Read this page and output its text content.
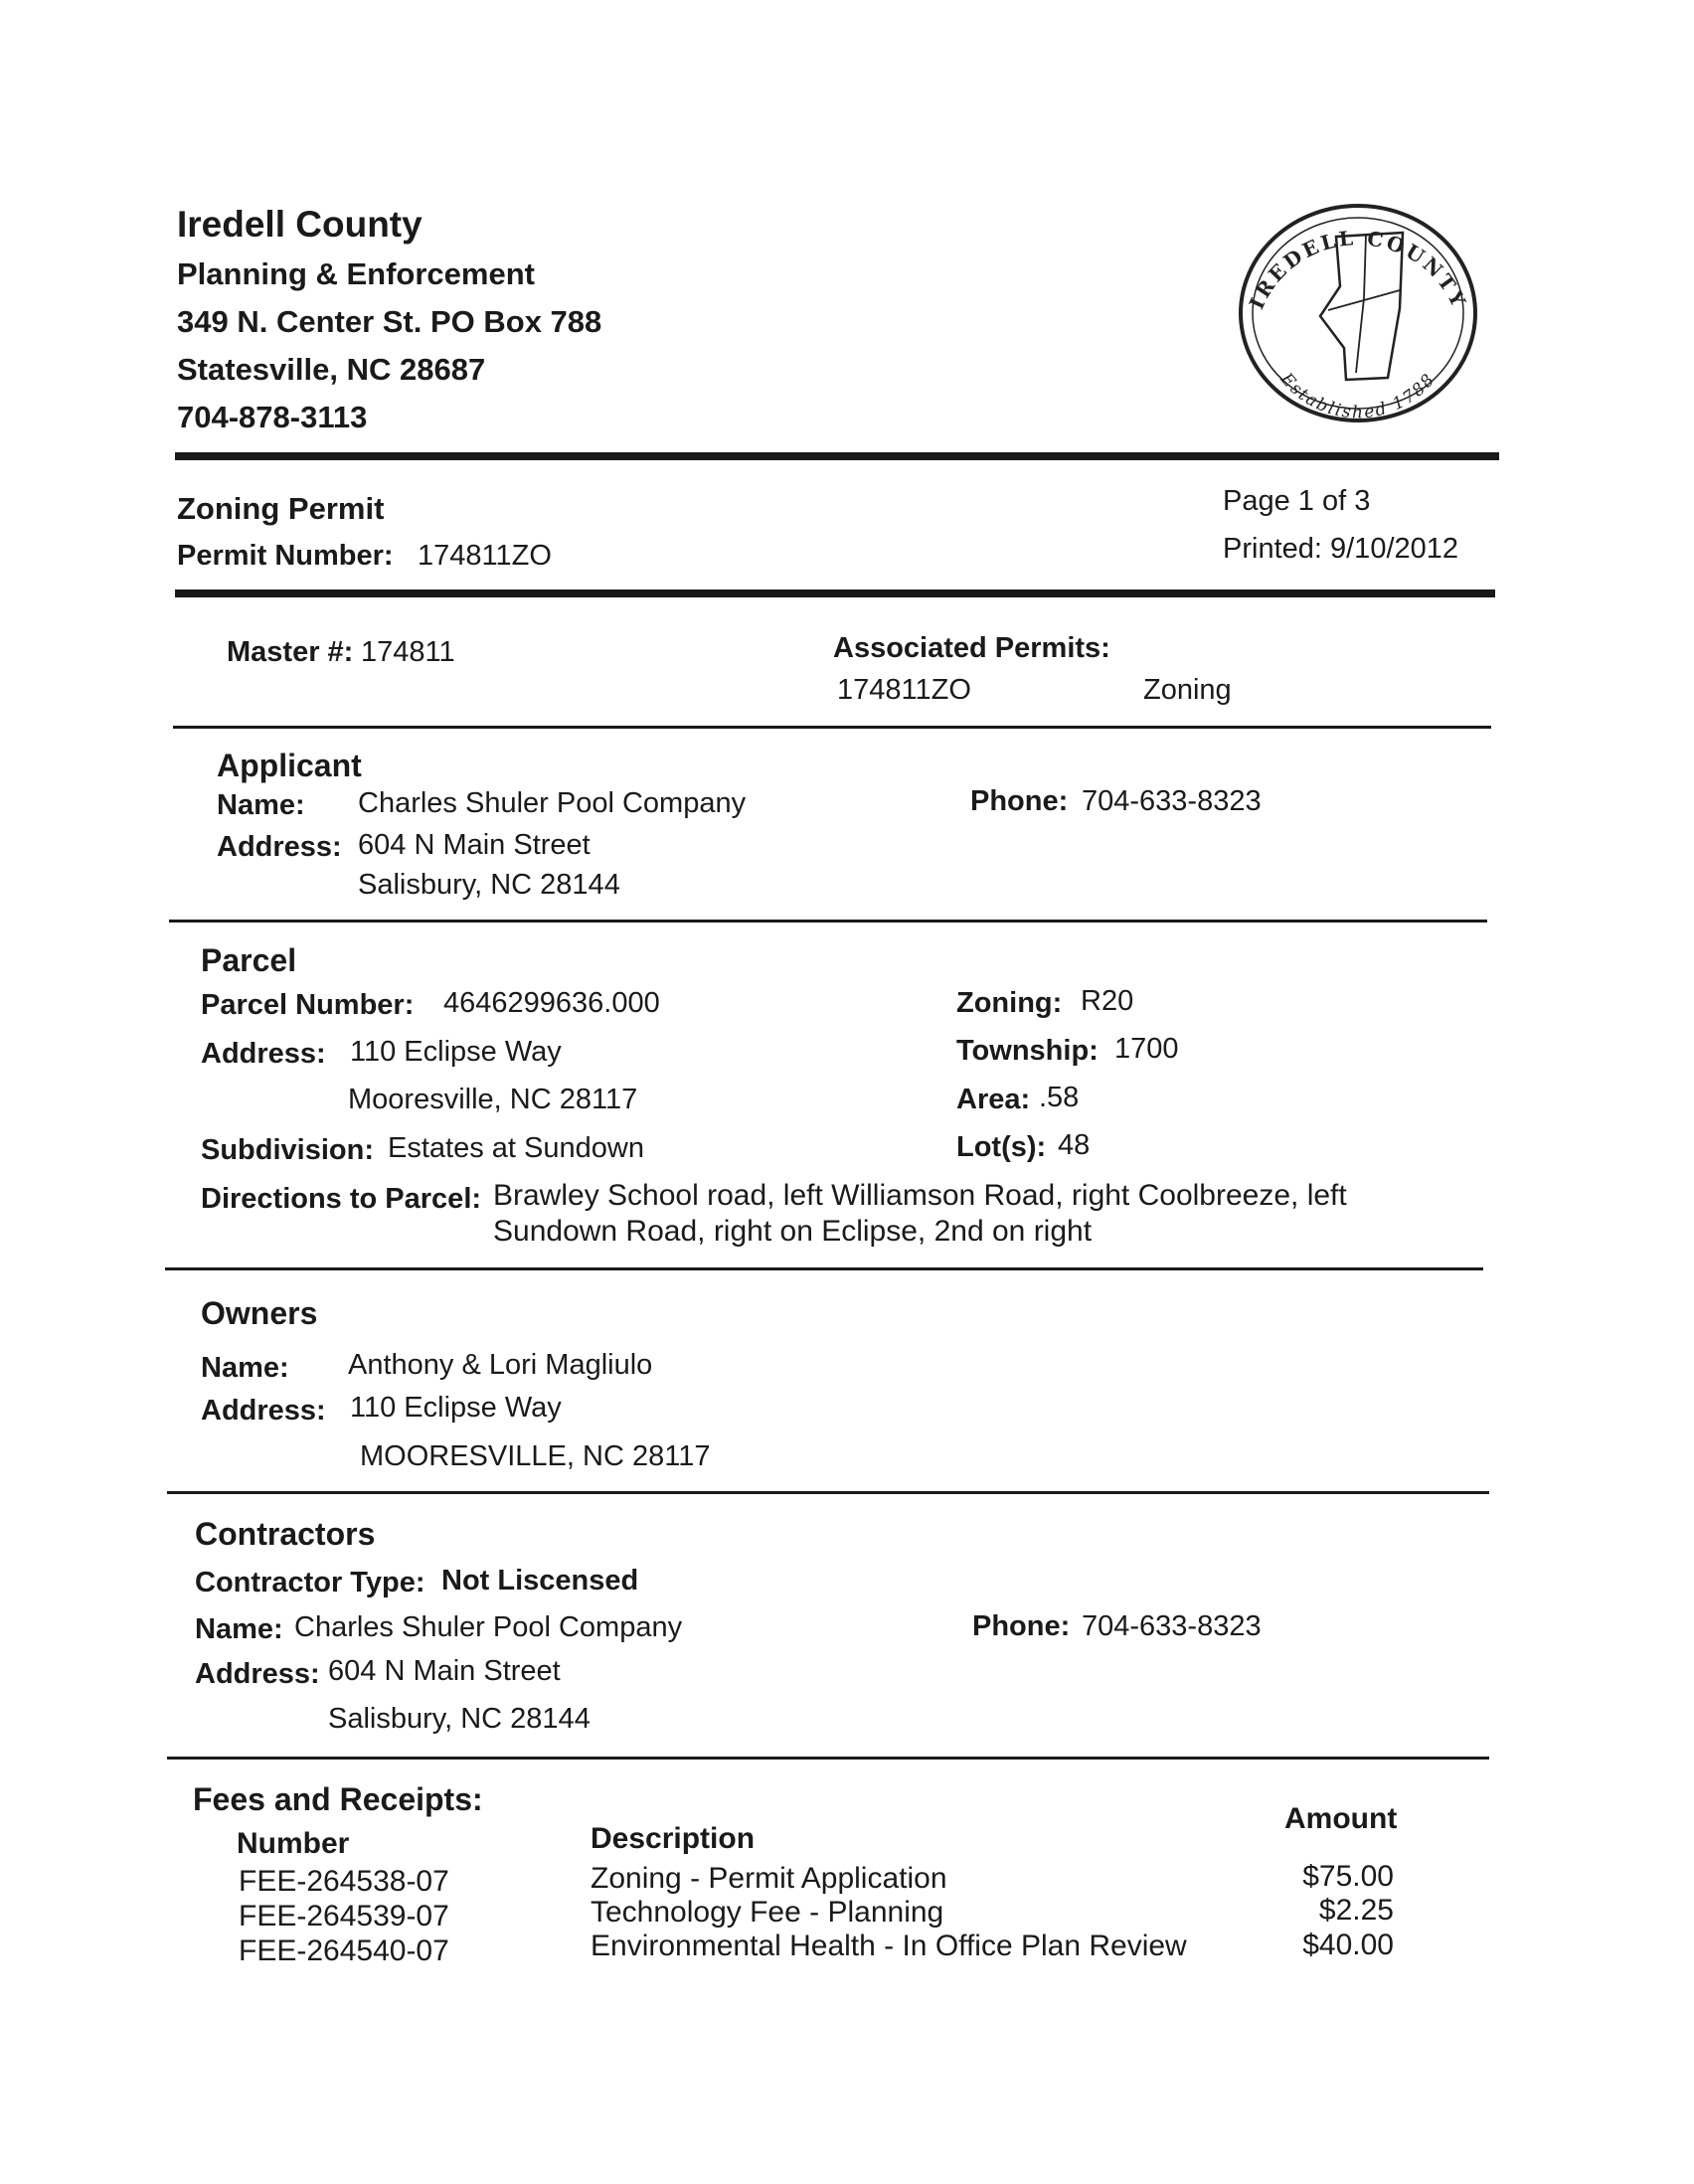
Iredell County
Planning & Enforcement
349 N. Center St. PO Box 788
Statesville, NC 28687
704-878-3113
IREDELL COUNTY
Established 1788
Zoning Permit
Permit Number: 174811ZO
Page 1 of 3
Printed: 9/10/2012
Master #: 174811	Associated Permits:
174811ZO	Zoning
Applicant
Name: Charles Shuler Pool Company
Address: 604 N Main Street
Salisbury, NC 28144
Phone: 704-633-8323
Parcel
Parcel Number: 4646299636.000
Address: 110 Eclipse Way
Mooresville, NC 28117
Subdivision: Estates at Sundown
Zoning: R20
Township: 1700
Area: .58
Lot(s): 48
Directions to Parcel: Brawley School road, left Williamson Road, right Coolbreeze, left
Sundown Road, right on Eclipse, 2nd on right
Owners
Name: Anthony & Lori Magliulo
Address: 110 Eclipse Way
MOORESVILLE, NC 28117
Contractors
Contractor Type: Not Liscensed
Name: Charles Shuler Pool Company
Address: 604 N Main Street
Salisbury, NC 28144
Phone: 704-633-8323
Fees and Receipts:
Number	Description
Amount
FEE-264538-07	Zoning - Permit Application	$75.00
FEE-264539-07	Technology Fee - Planning	$2.25
FEE-264540-07	Environmental Health - In Office Plan Review	$40.00
